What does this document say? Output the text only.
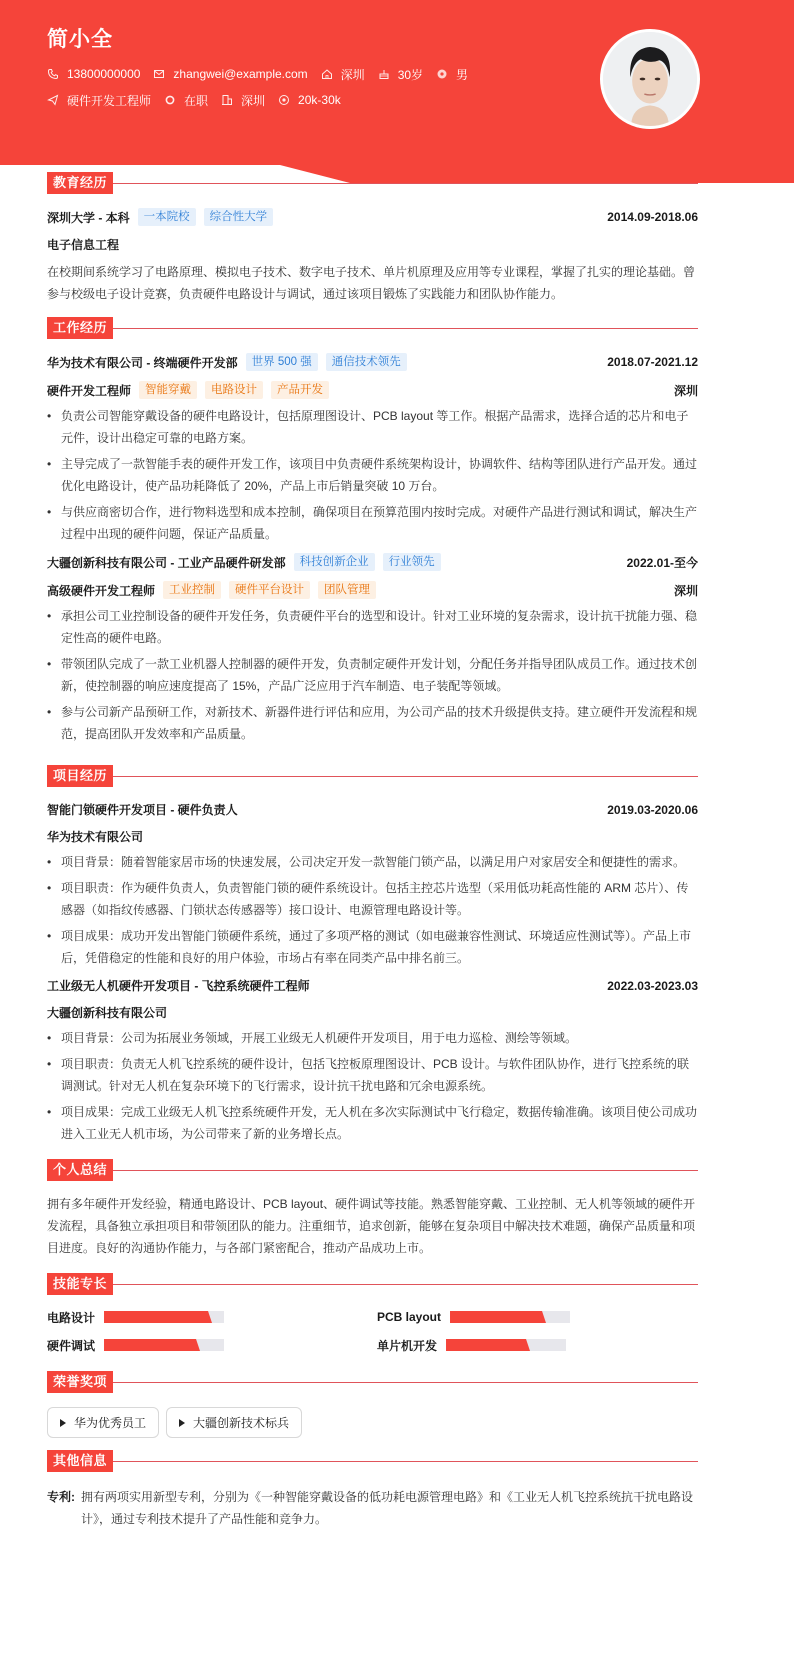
简小全
13800000000	zhangwei@example.com	深圳	30岁	男
硬件开发工程师	在职	深圳	20k-30k
教育经历
深圳大学 - 本科	一本院校	综合性大学	2014.09-2018.06
电子信息工程
在校期间系统学习了电路原理、模拟电子技术、数字电子技术、单片机原理及应用等专业课程，掌握了扎实的理论基础。曾参与校级电子设计竞赛，负责硬件电路设计与调试，通过该项目锻炼了实践能力和团队协作能力。
工作经历
华为技术有限公司 - 终端硬件开发部	世界 500 强	通信技术领先	2018.07-2021.12
硬件开发工程师	智能穿戴	电路设计	产品开发	深圳
• 负责公司智能穿戴设备的硬件电路设计，包括原理图设计、PCB layout 等工作。根据产品需求，选择合适的芯片和电子元件，设计出稳定可靠的电路方案。
• 主导完成了一款智能手表的硬件开发工作，该项目中负责硬件系统架构设计，协调软件、结构等团队进行产品开发。通过优化电路设计，使产品功耗降低了 20%，产品上市后销量突破 10 万台。
• 与供应商密切合作，进行物料选型和成本控制，确保项目在预算范围内按时完成。对硬件产品进行测试和调试，解决生产过程中出现的硬件问题，保证产品质量。
大疆创新科技有限公司 - 工业产品硬件研发部	科技创新企业	行业领先	2022.01-至今
高级硬件开发工程师	工业控制	硬件平台设计	团队管理	深圳
• 承担公司工业控制设备的硬件开发任务，负责硬件平台的选型和设计。针对工业环境的复杂需求，设计抗干扰能力强、稳定性高的硬件电路。
• 带领团队完成了一款工业机器人控制器的硬件开发，负责制定硬件开发计划，分配任务并指导团队成员工作。通过技术创新，使控制器的响应速度提高了 15%，产品广泛应用于汽车制造、电子装配等领域。
• 参与公司新产品预研工作，对新技术、新器件进行评估和应用，为公司产品的技术升级提供支持。建立硬件开发流程和规范，提高团队开发效率和产品质量。
项目经历
智能门锁硬件开发项目 - 硬件负责人	2019.03-2020.06
华为技术有限公司
• 项目背景：随着智能家居市场的快速发展，公司决定开发一款智能门锁产品，以满足用户对家居安全和便捷性的需求。
• 项目职责：作为硬件负责人，负责智能门锁的硬件系统设计。包括主控芯片选型（采用低功耗高性能的 ARM 芯片）、传感器（如指纹传感器、门锁状态传感器等）接口设计、电源管理电路设计等。
• 项目成果：成功开发出智能门锁硬件系统，通过了多项严格的测试（如电磁兼容性测试、环境适应性测试等）。产品上市后，凭借稳定的性能和良好的用户体验，市场占有率在同类产品中排名前三。
工业级无人机硬件开发项目 - 飞控系统硬件工程师	2022.03-2023.03
大疆创新科技有限公司
• 项目背景：公司为拓展业务领域，开展工业级无人机硬件开发项目，用于电力巡检、测绘等领域。
• 项目职责：负责无人机飞控系统的硬件设计，包括飞控板原理图设计、PCB 设计。与软件团队协作，进行飞控系统的联调测试。针对无人机在复杂环境下的飞行需求，设计抗干扰电路和冗余电源系统。
• 项目成果：完成工业级无人机飞控系统硬件开发，无人机在多次实际测试中飞行稳定，数据传输准确。该项目使公司成功进入工业无人机市场，为公司带来了新的业务增长点。
个人总结
拥有多年硬件开发经验，精通电路设计、PCB layout、硬件调试等技能。熟悉智能穿戴、工业控制、无人机等领域的硬件开发流程，具备独立承担项目和带领团队的能力。注重细节，追求创新，能够在复杂项目中解决技术难题，确保产品质量和项目进度。良好的沟通协作能力，与各部门紧密配合，推动产品成功上市。
技能专长
电路设计	PCB layout
硬件调试	单片机开发
荣誉奖项
华为优秀员工	大疆创新技术标兵
其他信息
专利: 拥有两项实用新型专利，分别为《一种智能穿戴设备的低功耗电源管理电路》和《工业无人机飞控系统抗干扰电路设计》，通过专利技术提升了产品性能和竞争力。
